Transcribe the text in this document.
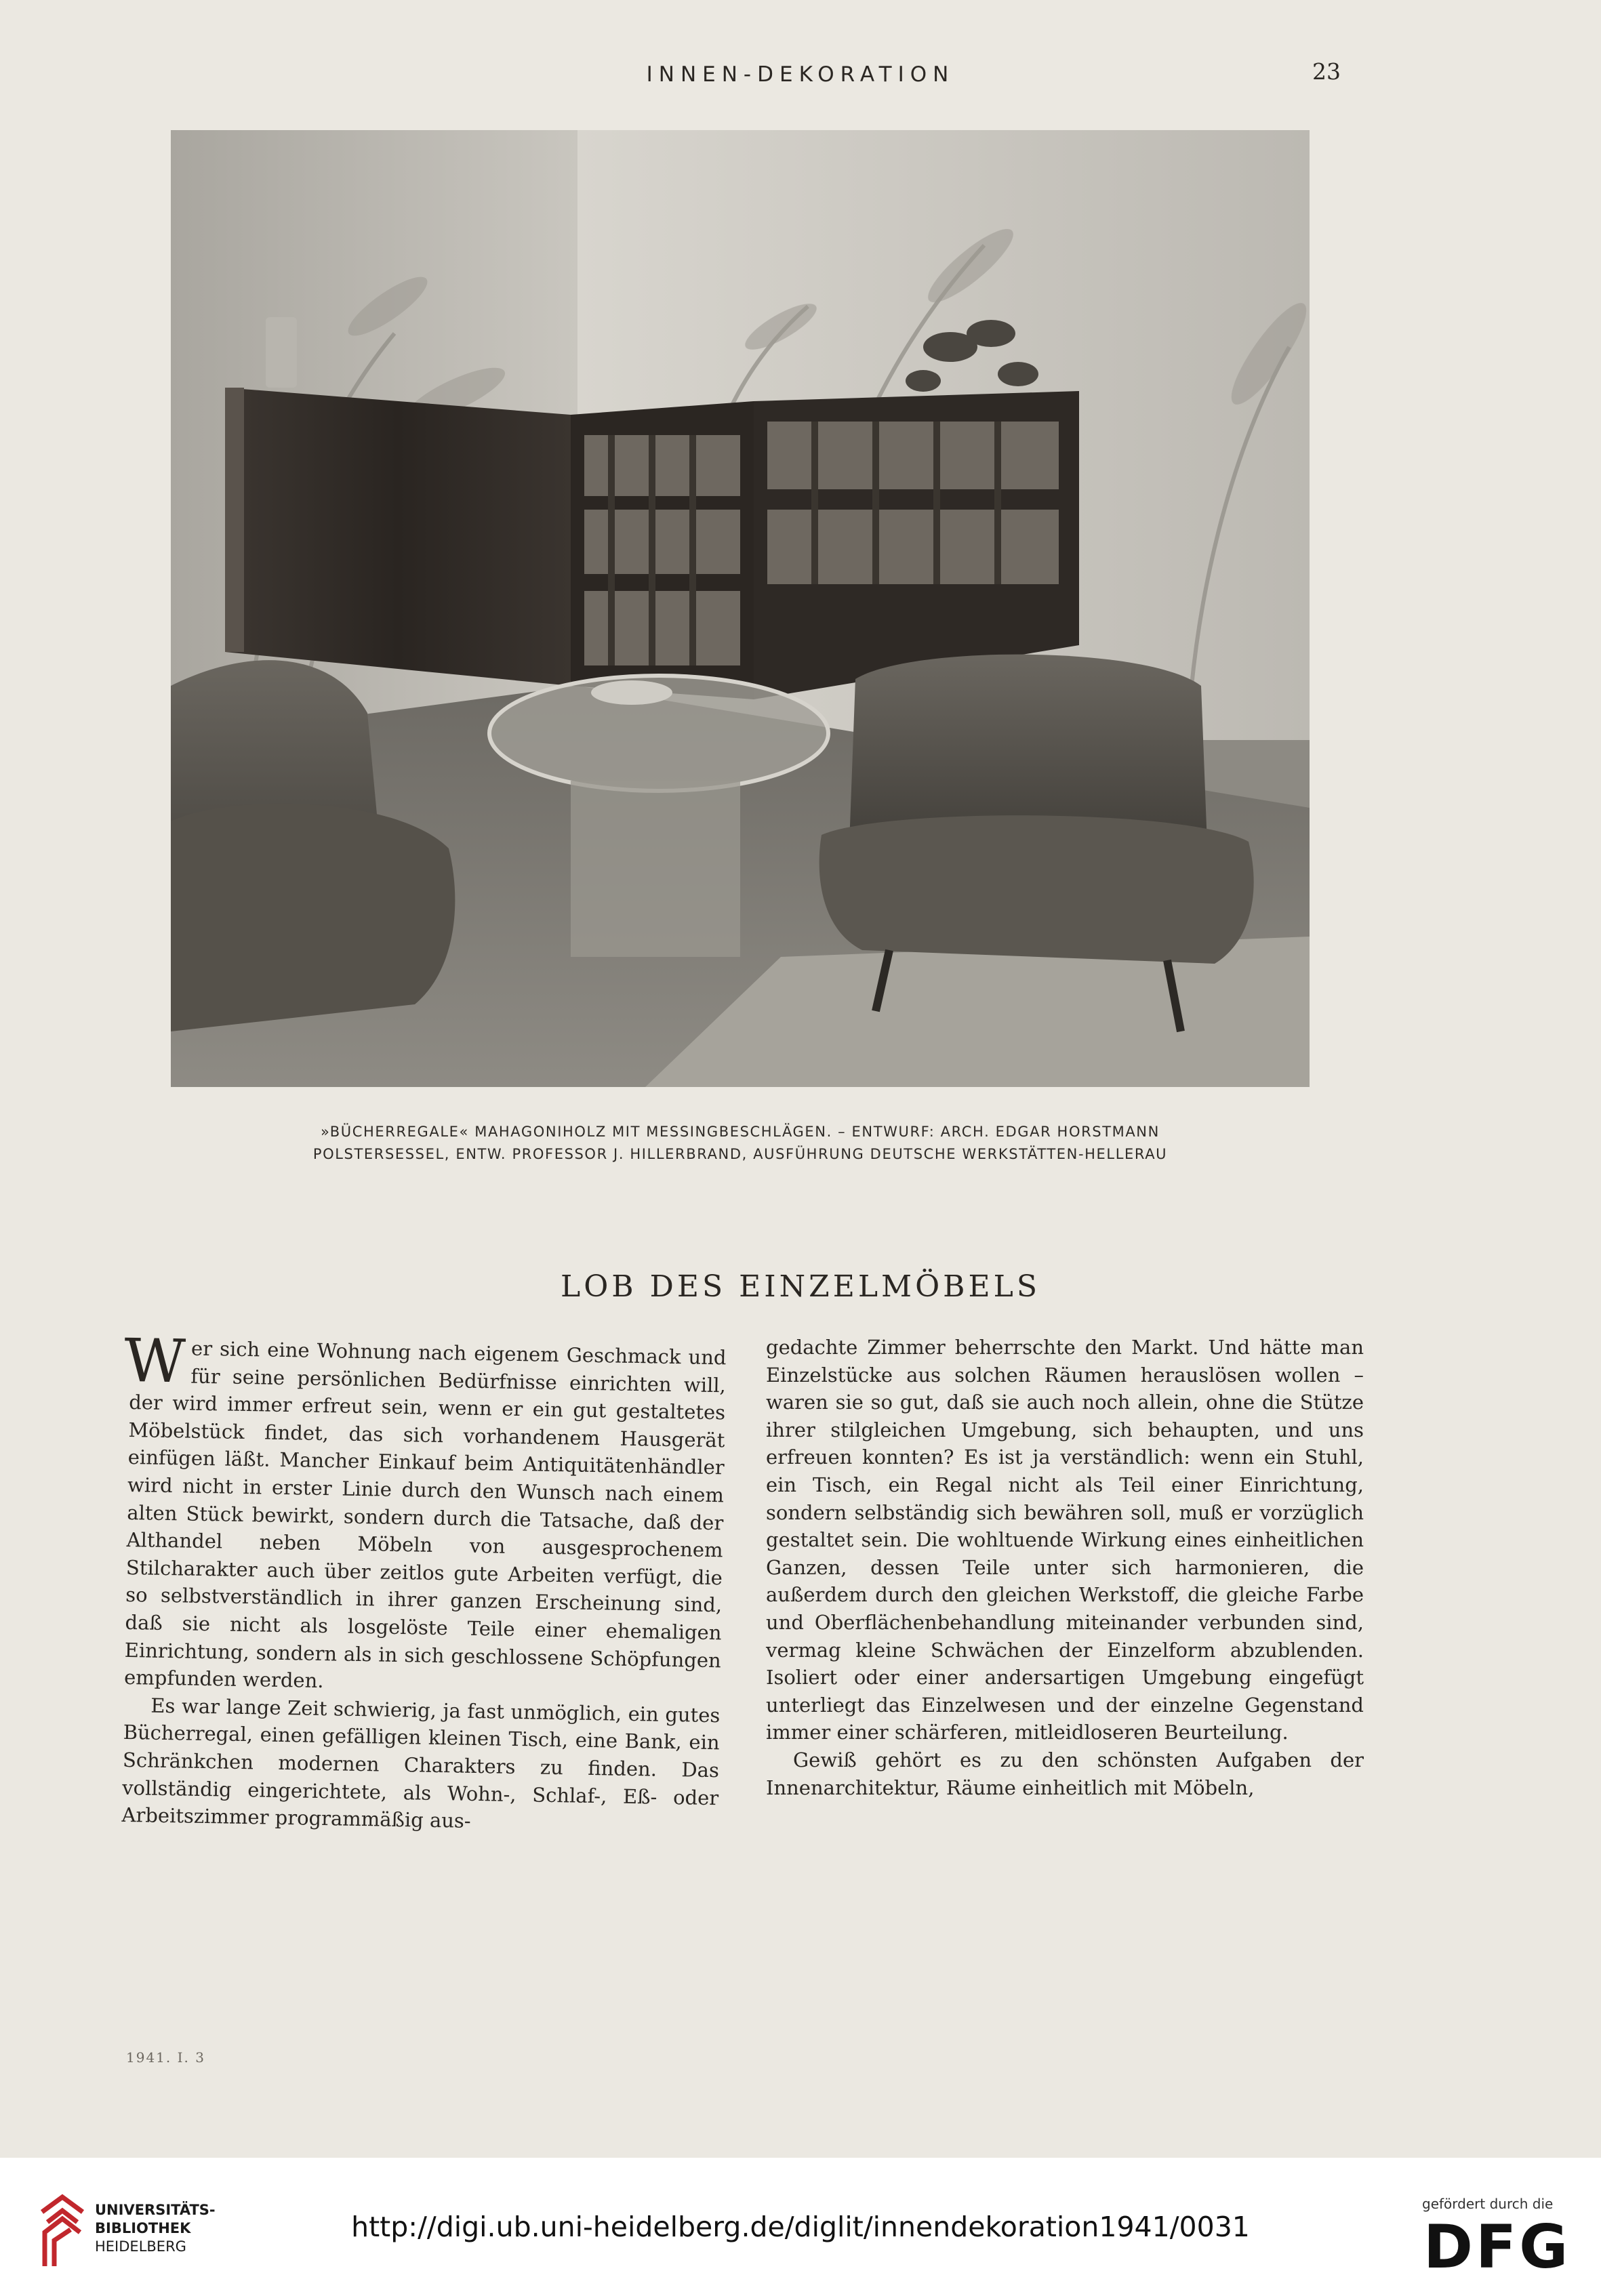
INNEN-DEKORATION	23
»BÜCHERREGALE« MAHAGONIHOLZ MIT MESSINGBESCHLÄGEN. – ENTWURF: ARCH. EDGAR HORSTMANN
POLSTERSESSEL, ENTW. PROFESSOR J. HILLERBRAND, AUSFÜHRUNG DEUTSCHE WERKSTÄTTEN-HELLERAU
LOB DES EINZELMÖBELS

Wer sich eine Wohnung nach eigenem Geschmack und für seine persönlichen Bedürfnisse einrichten will, der wird immer erfreut sein, wenn er ein gut gestaltetes Möbelstück findet, das sich vorhandenem Hausgerät einfügen läßt. Mancher Einkauf beim Antiquitätenhändler wird nicht in erster Linie durch den Wunsch nach einem alten Stück bewirkt, sondern durch die Tatsache, daß der Althandel neben Möbeln von ausgesprochenem Stilcharakter auch über zeitlos gute Arbeiten verfügt, die so selbstverständlich in ihrer ganzen Erscheinung sind, daß sie nicht als losgelöste Teile einer ehemaligen Einrichtung, sondern als in sich geschlossene Schöpfungen empfunden werden.

Es war lange Zeit schwierig, ja fast unmöglich, ein gutes Bücherregal, einen gefälligen kleinen Tisch, eine Bank, ein Schränkchen modernen Charakters zu finden. Das vollständig eingerichtete, als Wohn-, Schlaf-, Eß- oder Arbeitszimmer programmäßig aus-

gedachte Zimmer beherrschte den Markt. Und hätte man Einzelstücke aus solchen Räumen herauslösen wollen – waren sie so gut, daß sie auch noch allein, ohne die Stütze ihrer stilgleichen Umgebung, sich behaupten, und uns erfreuen konnten? Es ist ja verständlich: wenn ein Stuhl, ein Tisch, ein Regal nicht als Teil einer Einrichtung, sondern selbständig sich bewähren soll, muß er vorzüglich gestaltet sein. Die wohltuende Wirkung eines einheitlichen Ganzen, dessen Teile unter sich harmonieren, die außerdem durch den gleichen Werkstoff, die gleiche Farbe und Oberflächenbehandlung miteinander verbunden sind, vermag kleine Schwächen der Einzelform abzublenden. Isoliert oder einer andersartigen Umgebung eingefügt unterliegt das Einzelwesen und der einzelne Gegenstand immer einer schärferen, mitleidloseren Beurteilung.

Gewiß gehört es zu den schönsten Aufgaben der Innenarchitektur, Räume einheitlich mit Möbeln,

1941. I. 3
UNIVERSITÄTS-
BIBLIOTHEK
HEIDELBERG
http://digi.ub.uni-heidelberg.de/diglit/innendekoration1941/0031
gefördert durch die
DFG
